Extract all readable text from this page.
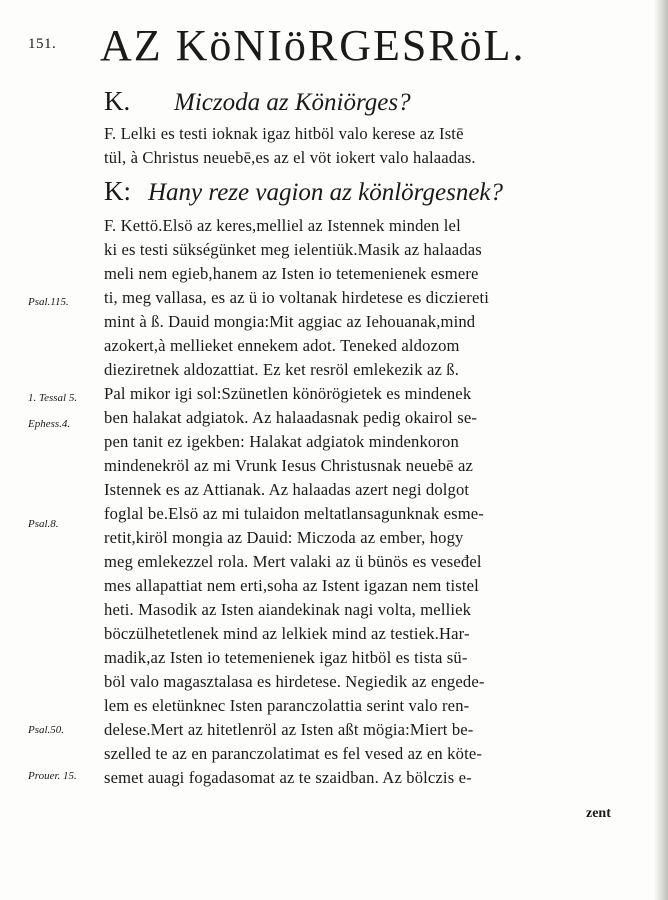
151. AZ KöNIöRGESRöL.
K. Miczoda az Köniörges?
F. Lelki es testi ioknak igaz hitböl valo kerese az Istē
tül, à Christus neuebē,es az el vöt iokert valo halaadas.
K: Hany reze vagion az könlörgesnek?
F. Kettö.Elsö az keres,melliel az Istennek minden lel
ki es testi sükségünket meg ielentiük.Masik az halaadas
meli nem egieb,hanem az Isten io tetemenienek esmere
ti, meg vallasa, es az ü io voltanak hirdetese es dicziereti
mint à ß. Dauid mongia:Mit aggiac az Iehouanak,mind
azokert,à mellieket ennekem adot. Teneked aldozom
dieziretnek aldozattiat. Ez ket resröl emlekezik az ß.
Pal mikor igi sol:Szünetlen könörögietek es mindenek
ben halakat adgiatok. Az halaadasnak pedig okairol se-
pen tanit ez igekben: Halakat adgiatok mindenkoron
mindenekröl az mi Vrunk Iesus Christusnak neuebē az
Istennek es az Attianak. Az halaadas azert negi dolgot
foglal be.Elsö az mi tulaidon meltatlansagunknak esme-
retit,kiröl mongia az Dauid: Miczoda az ember, hogy
meg emlekezzel rola. Mert valaki az ü bünös es veseđel
mes allapattiat nem erti,soha az Istent igazan nem tistel
heti. Masodik az Isten aiandekinak nagi volta, melliek
böczülhetetlenek mind az lelkiek mind az testiek.Har-
madik,az Isten io tetemenienek igaz hitböl es tista sü-
böl valo magasztalasa es hirdetese. Negiedik az engede-
lem es eletünknec Isten paranczolattia serint valo ren-
delese.Mert az hitetlenröl az Isten aßt mögia:Miert be-
szelled te az en paranczolatimat es fel vesed az en köte-
semet auagi fogadasomat az te szaidban. Az bölczis e-
Psal.115.
1. Tessal 5.
Ephess.4.
Psal.8.
Psal.50.
Prouer. 15.
zent
